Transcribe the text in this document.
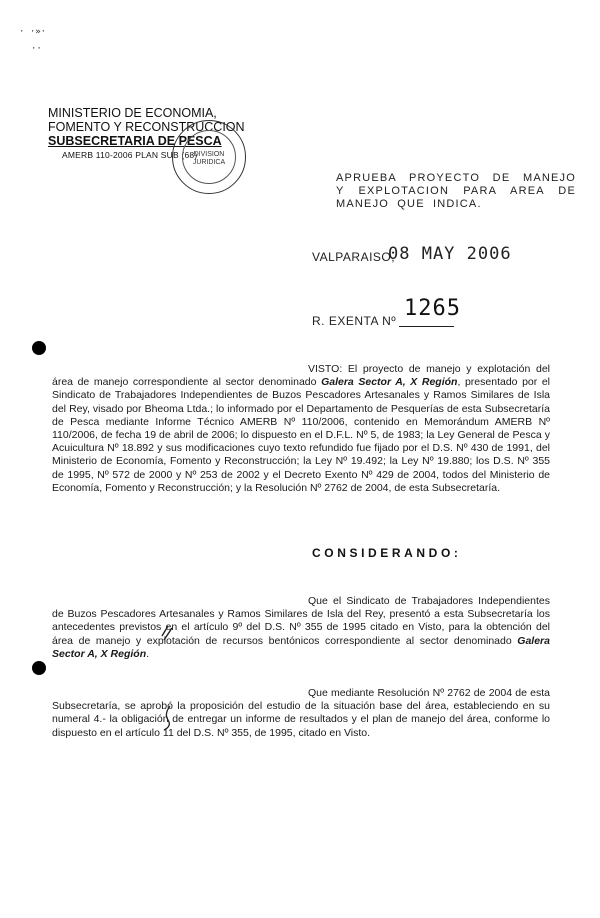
· ·»·
··
MINISTERIO DE ECONOMIA,
FOMENTO Y RECONSTRUCCION
SUBSECRETARIA DE PESCA
AMERB 110-2006 PLAN SUB (68)
DIVISION JURIDICA
APRUEBA PROYECTO DE MANEJO Y EXPLOTACION PARA AREA DE MANEJO QUE INDICA.
VALPARAISO,
08 MAY 2006
R. EXENTA Nº 1265
VISTO: El proyecto de manejo y explotación del área de manejo correspondiente al sector denominado Galera Sector A, X Región, presentado por el Sindicato de Trabajadores Independientes de Buzos Pescadores Artesanales y Ramos Similares de Isla del Rey, visado por Bheoma Ltda.; lo informado por el Departamento de Pesquerías de esta Subsecretaría de Pesca mediante Informe Técnico AMERB Nº 110/2006, contenido en Memorándum AMERB Nº 110/2006, de fecha 19 de abril de 2006; lo dispuesto en el D.F.L. Nº 5, de 1983; la Ley General de Pesca y Acuicultura Nº 18.892 y sus modificaciones cuyo texto refundido fue fijado por el D.S. Nº 430 de 1991, del Ministerio de Economía, Fomento y Reconstrucción; la Ley Nº 19.492; la Ley Nº 19.880; los D.S. Nº 355 de 1995, Nº 572 de 2000 y Nº 253 de 2002 y el Decreto Exento Nº 429 de 2004, todos del Ministerio de Economía, Fomento y Reconstrucción; y la Resolución Nº 2762 de 2004, de esta Subsecretaría.
CONSIDERANDO:
Que el Sindicato de Trabajadores Independientes de Buzos Pescadores Artesanales y Ramos Similares de Isla del Rey, presentó a esta Subsecretaría los antecedentes previstos en el artículo 9º del D.S. Nº 355 de 1995 citado en Visto, para la obtención del área de manejo y explotación de recursos bentónicos correspondiente al sector denominado Galera Sector A, X Región.
Que mediante Resolución Nº 2762 de 2004 de esta Subsecretaría, se aprobó la proposición del estudio de la situación base del área, estableciendo en su numeral 4.- la obligación de entregar un informe de resultados y el plan de manejo del área, conforme lo dispuesto en el artículo 11 del D.S. Nº 355, de 1995, citado en Visto.
